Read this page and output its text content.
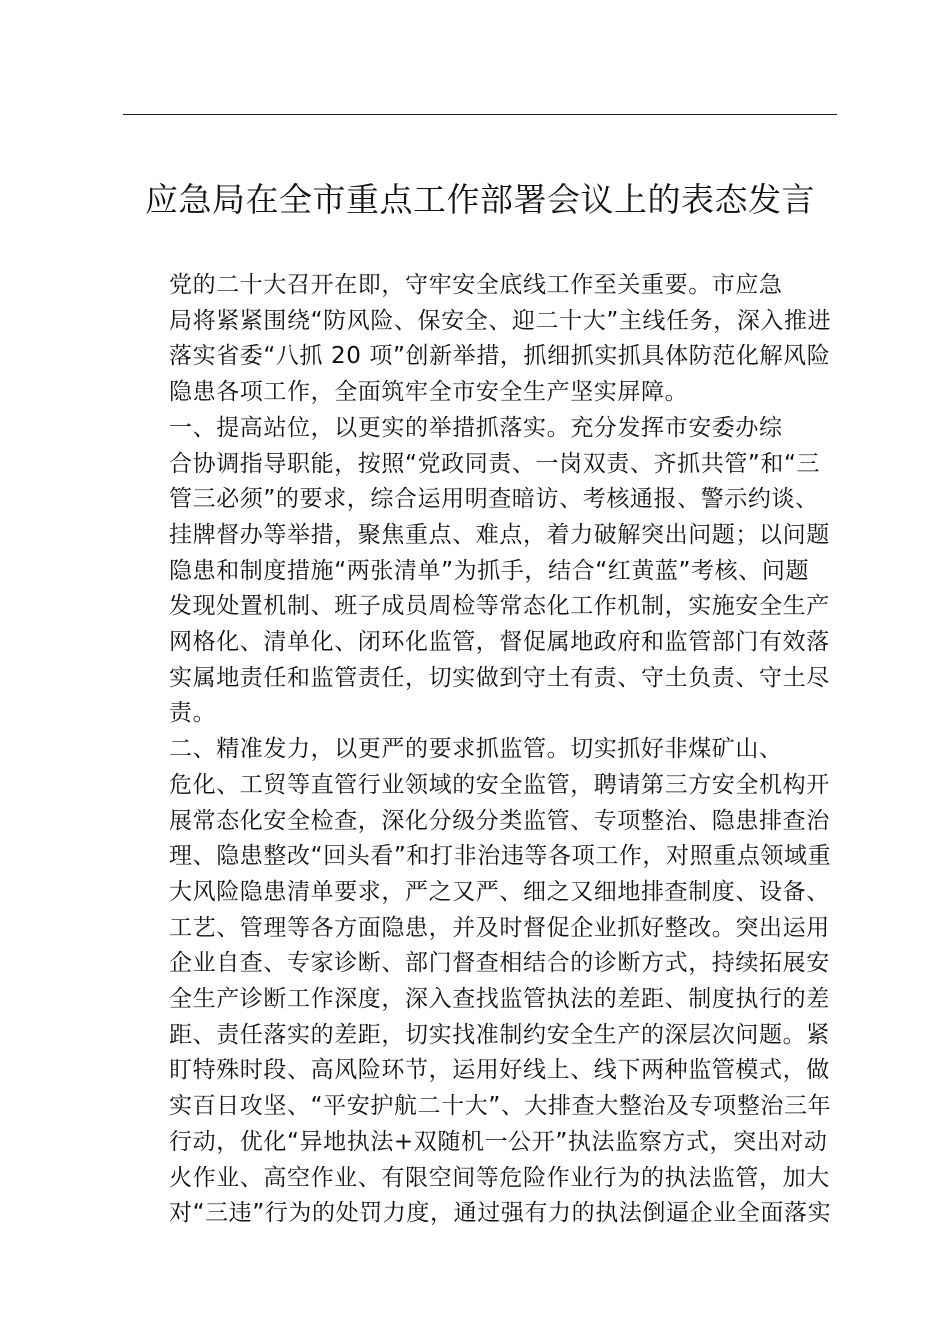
应急局在全市重点工作部署会议上的表态发言
党的二十大召开在即，守牢安全底线工作至关重要。市应急
局将紧紧围绕“防风险、保安全、迎二十大”主线任务，深入推进
落实省委“八抓 20 项”创新举措，抓细抓实抓具体防范化解风险
隐患各项工作，全面筑牢全市安全生产坚实屏障。
一、提高站位，以更实的举措抓落实。充分发挥市安委办综
合协调指导职能，按照“党政同责、一岗双责、齐抓共管”和“三
管三必须”的要求，综合运用明查暗访、考核通报、警示约谈、
挂牌督办等举措，聚焦重点、难点，着力破解突出问题；以问题
隐患和制度措施“两张清单”为抓手，结合“红黄蓝”考核、问题
发现处置机制、班子成员周检等常态化工作机制，实施安全生产
网格化、清单化、闭环化监管，督促属地政府和监管部门有效落
实属地责任和监管责任，切实做到守土有责、守土负责、守土尽
责。
二、精准发力，以更严的要求抓监管。切实抓好非煤矿山、
危化、工贸等直管行业领域的安全监管，聘请第三方安全机构开
展常态化安全检查，深化分级分类监管、专项整治、隐患排查治
理、隐患整改“回头看”和打非治违等各项工作，对照重点领域重
大风险隐患清单要求，严之又严、细之又细地排查制度、设备、
工艺、管理等各方面隐患，并及时督促企业抓好整改。突出运用
企业自查、专家诊断、部门督查相结合的诊断方式，持续拓展安
全生产诊断工作深度，深入查找监管执法的差距、制度执行的差
距、责任落实的差距，切实找准制约安全生产的深层次问题。紧
盯特殊时段、高风险环节，运用好线上、线下两种监管模式，做
实百日攻坚、“平安护航二十大”、大排查大整治及专项整治三年
行动，优化“异地执法+双随机一公开”执法监察方式，突出对动
火作业、高空作业、有限空间等危险作业行为的执法监管，加大
对“三违”行为的处罚力度，通过强有力的执法倒逼企业全面落实
